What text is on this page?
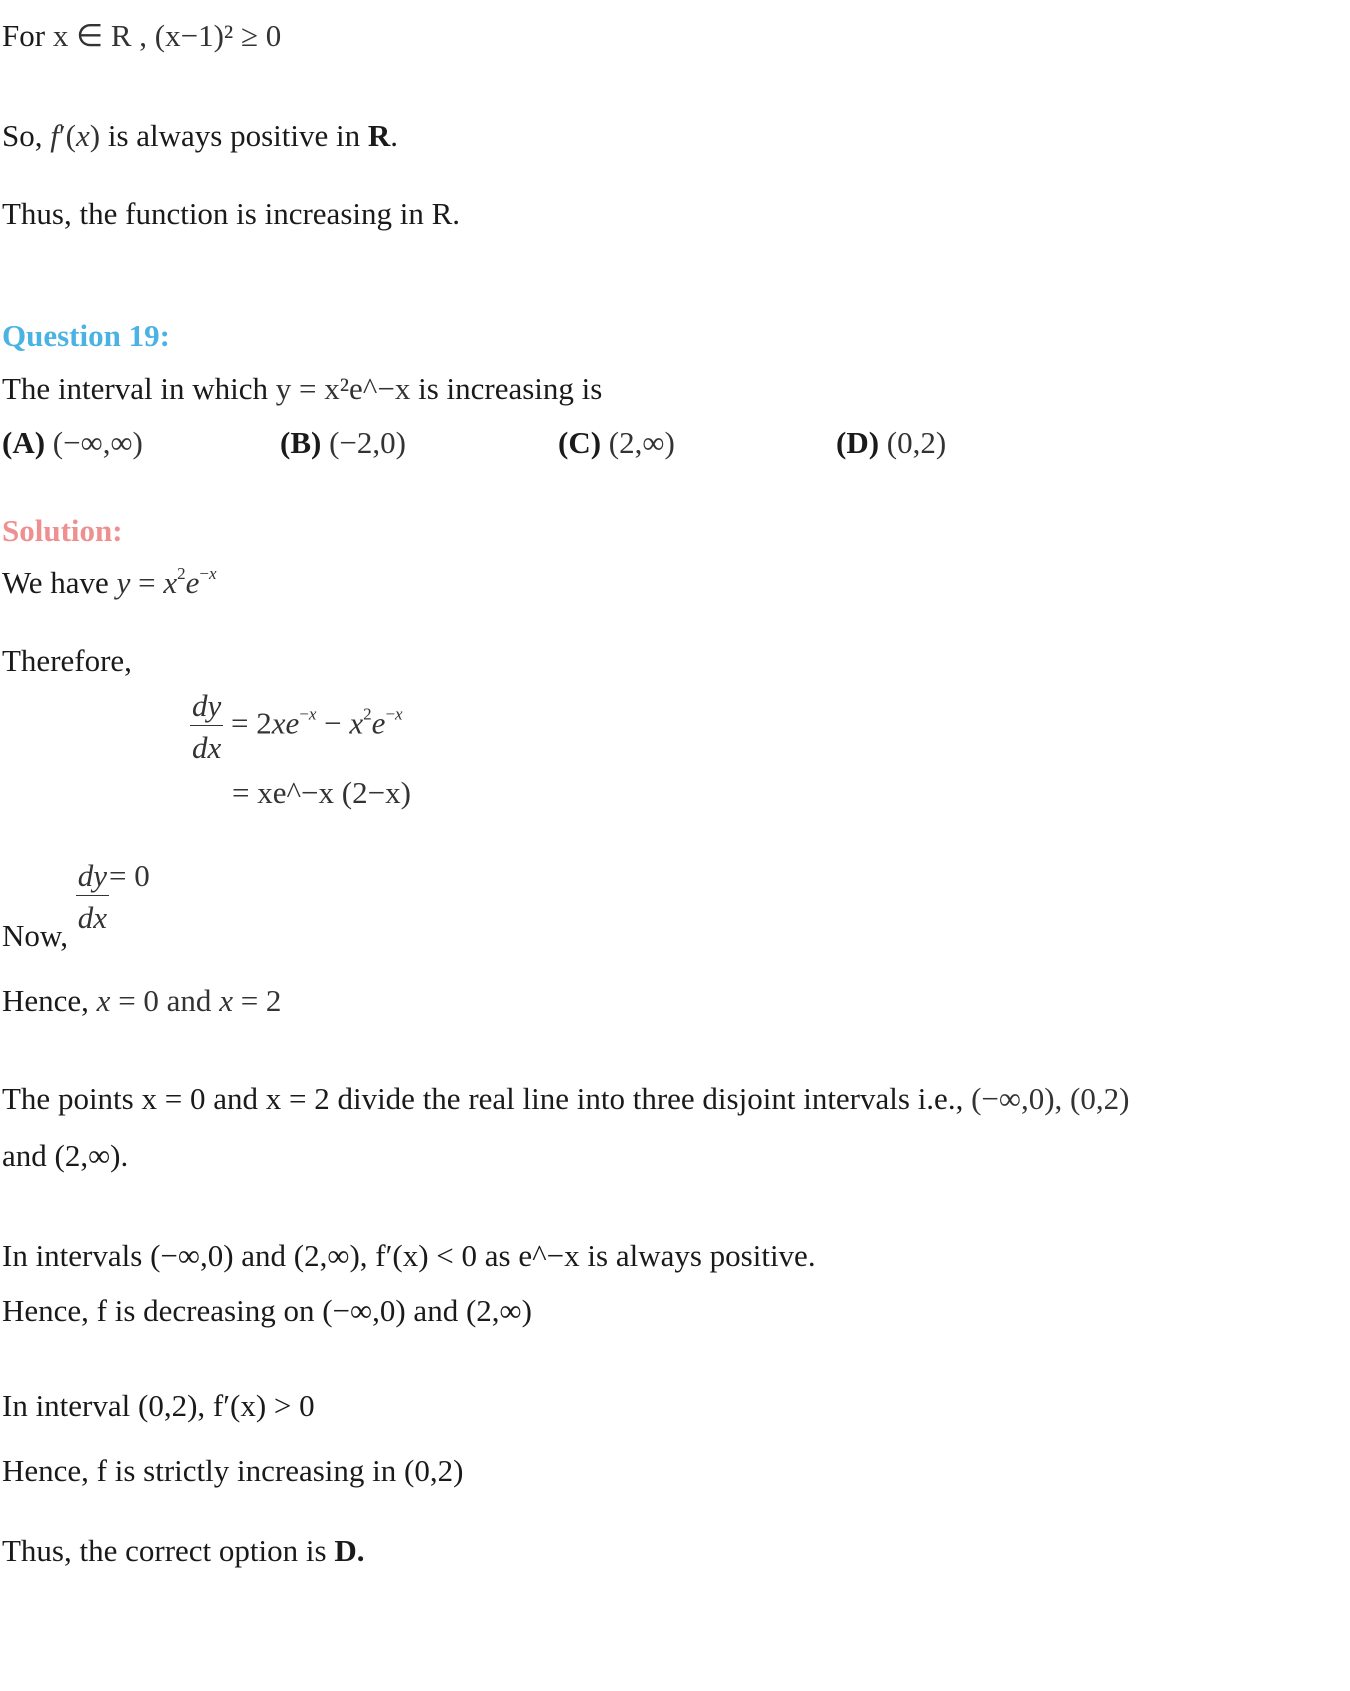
For x ∈ R , (x−1)² ≥ 0
So, f′(x) is always positive in R.
Thus, the function is increasing in R.
Question 19:
The interval in which y = x²e^−x is increasing is
(A) (−∞,∞)	(B) (−2,0)	(C) (2,∞)	(D) (0,2)
Solution:
We have $y = x^2e^{-x}$
Therefore,
$\frac{dy}{dx} = 2xe^{-x} - x^2e^{-x}$
= xe^−x (2−x)
Now,
$\frac{dy}{dx} = 0$
Hence, x = 0 and x = 2
The points x = 0 and x = 2 divide the real line into three disjoint intervals i.e., (−∞,0), (0,2)
and (2,∞).
In intervals (−∞,0) and (2,∞), f′(x) < 0 as e^−x is always positive.
Hence, f is decreasing on (−∞,0) and (2,∞)
In interval (0,2), f′(x) > 0
Hence, f is strictly increasing in (0,2)
Thus, the correct option is D.
